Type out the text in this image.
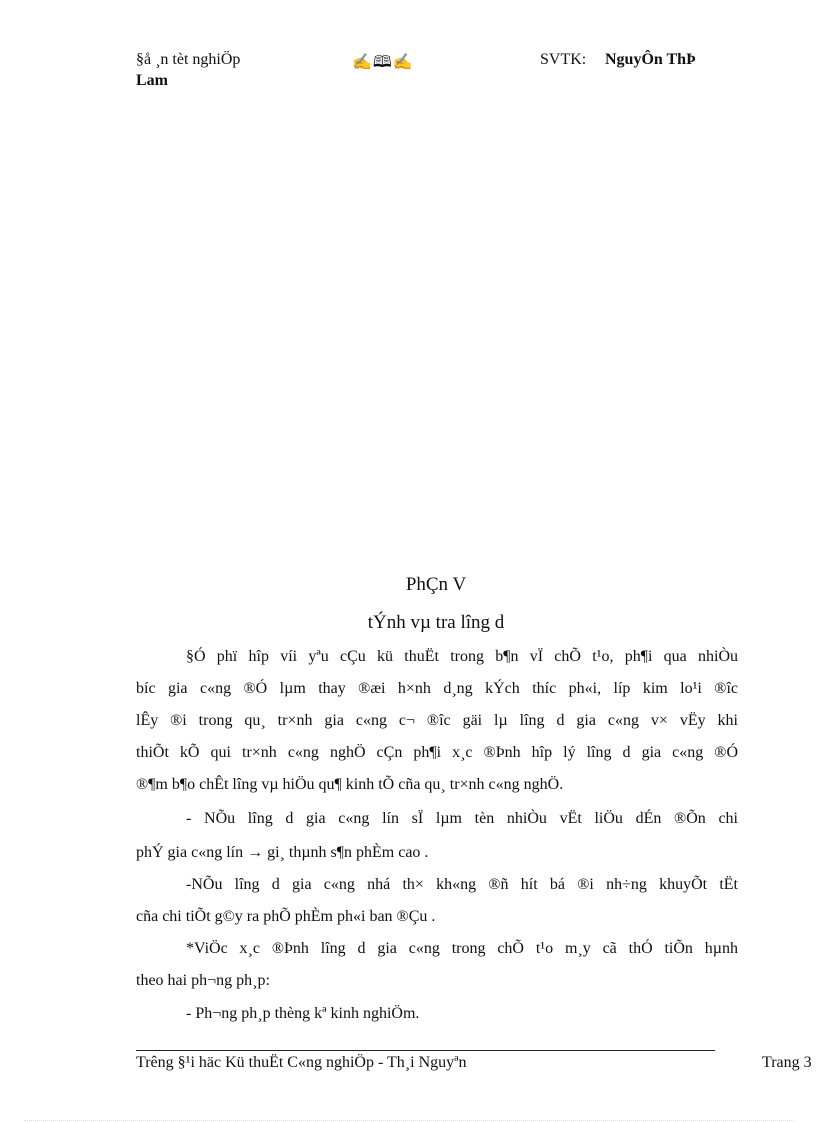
§å ¸n tèt nghiÖp	✍🕮✍	SVTK: NguyÔn ThÞ
Lam
PhÇn V
tÝnh vµ tra lîng d
§Ó phï hîp víi yªu cÇu kü thuËt trong b¶n vÏ chÕ t¹o, ph¶i qua nhiÒu
bíc gia c«ng ®Ó lµm thay ®æi h×nh d¸ng kÝch thíc ph«i, líp kim lo¹i ®îc
lÊy ®i trong qu¸ tr×nh gia c«ng c¬ ®îc gäi lµ lîng d gia c«ng v× vËy khi
thiÕt kÕ qui tr×nh c«ng nghÖ cÇn ph¶i x¸c ®Þnh hîp lý lîng d gia c«ng ®Ó
®¶m b¶o chÊt lîng vµ hiÖu qu¶ kinh tÕ cña qu¸ tr×nh c«ng nghÖ.
- NÕu lîng d gia c«ng lín sÏ lµm tèn nhiÒu vËt liÖu dÉn ®Õn chi
phÝ gia c«ng lín → gi¸ thµnh s¶n phÈm cao .
-NÕu lîng d gia c«ng nhá th× kh«ng ®ñ hít bá ®i nh÷ng khuyÕt tËt
cña chi tiÕt g©y ra phÕ phÈm ph«i ban ®Çu .
*ViÖc x¸c ®Þnh lîng d gia c«ng trong chÕ t¹o m¸y cã thÓ tiÕn hµnh
theo hai ph¬ng ph¸p:
- Ph¬ng ph¸p thèng kª kinh nghiÖm.
Trêng §¹i häc Kü thuËt C«ng nghiÖp - Th¸i Nguyªn	Trang 3
